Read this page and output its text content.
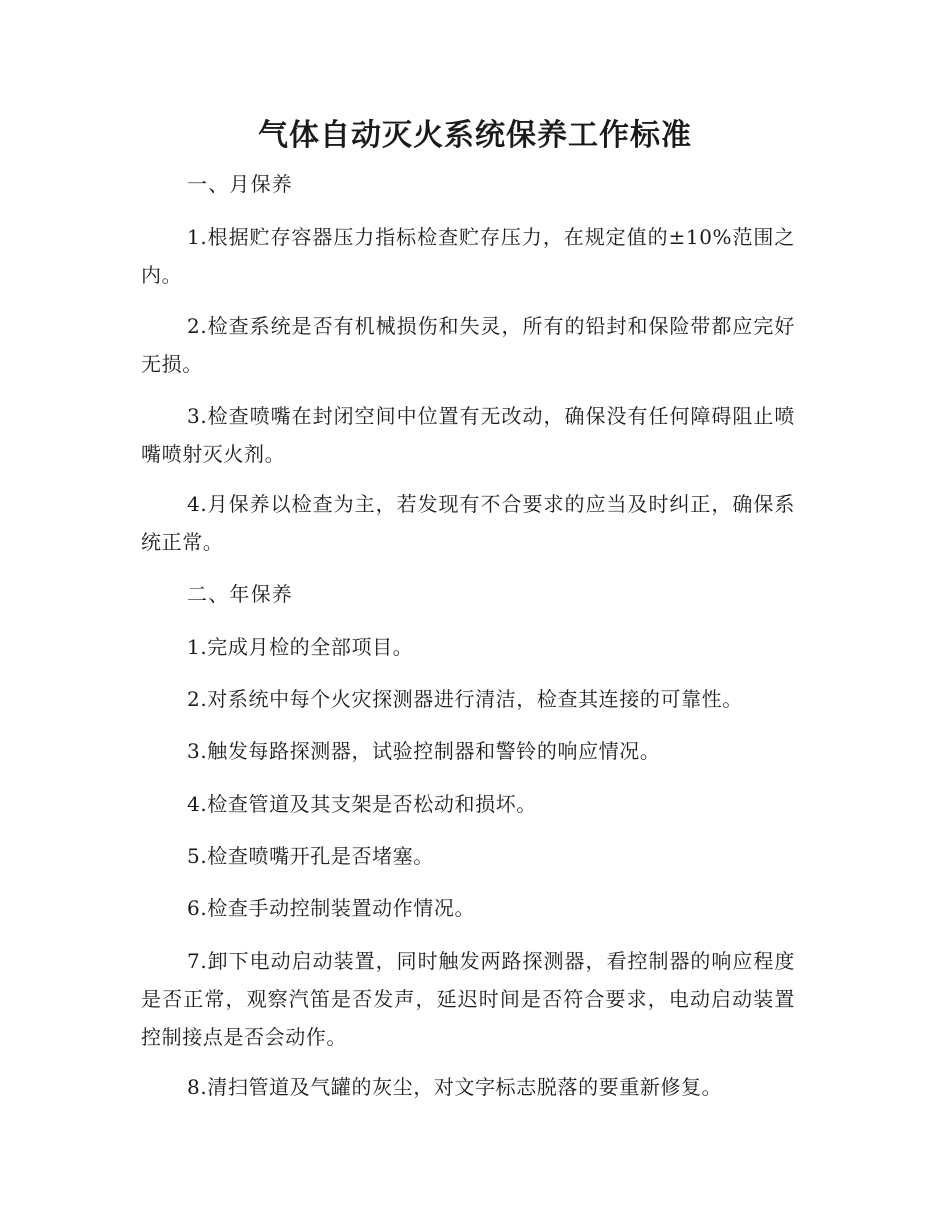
气体自动灭火系统保养工作标准

一、月保养

1.根据贮存容器压力指标检查贮存压力，在规定值的±10%范围之内。

2.检查系统是否有机械损伤和失灵，所有的铅封和保险带都应完好无损。

3.检查喷嘴在封闭空间中位置有无改动，确保没有任何障碍阻止喷嘴喷射灭火剂。

4.月保养以检查为主，若发现有不合要求的应当及时纠正，确保系统正常。

二、年保养

1.完成月检的全部项目。

2.对系统中每个火灾探测器进行清洁，检查其连接的可靠性。

3.触发每路探测器，试验控制器和警铃的响应情况。

4.检查管道及其支架是否松动和损坏。

5.检查喷嘴开孔是否堵塞。

6.检查手动控制装置动作情况。

7.卸下电动启动装置，同时触发两路探测器，看控制器的响应程度是否正常，观察汽笛是否发声，延迟时间是否符合要求，电动启动装置控制接点是否会动作。

8.清扫管道及气罐的灰尘，对文字标志脱落的要重新修复。
